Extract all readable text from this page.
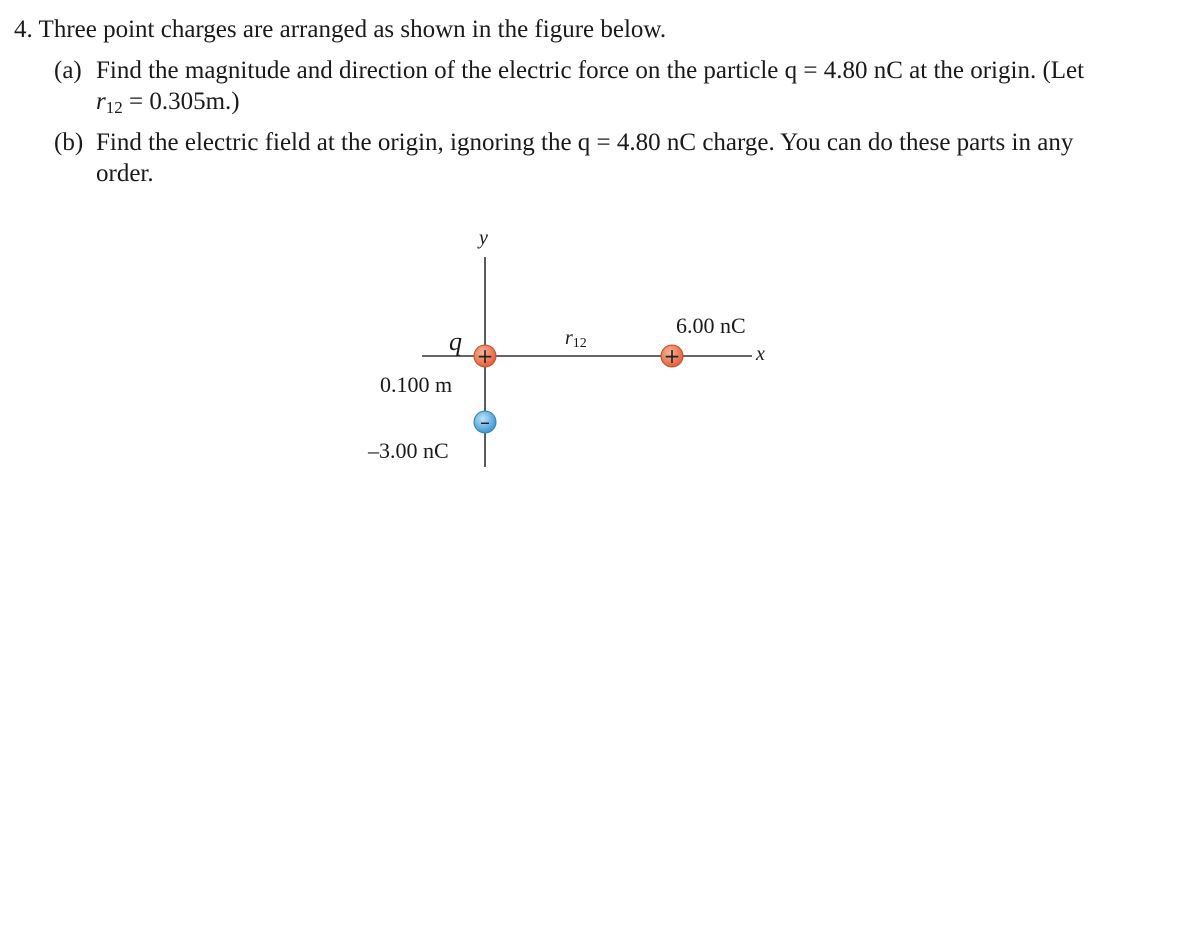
4. Three point charges are arranged as shown in the figure below.

(a) Find the magnitude and direction of the electric force on the particle q = 4.80 nC at the origin. (Let $r_{12} = 0.305m$.)
(b) Find the electric field at the origin, ignoring the q = 4.80 nC charge. You can do these parts in any order.
+	+
–
y
x
q	$r_{12}$
6.00 nC
0.100 m
–3.00 nC
